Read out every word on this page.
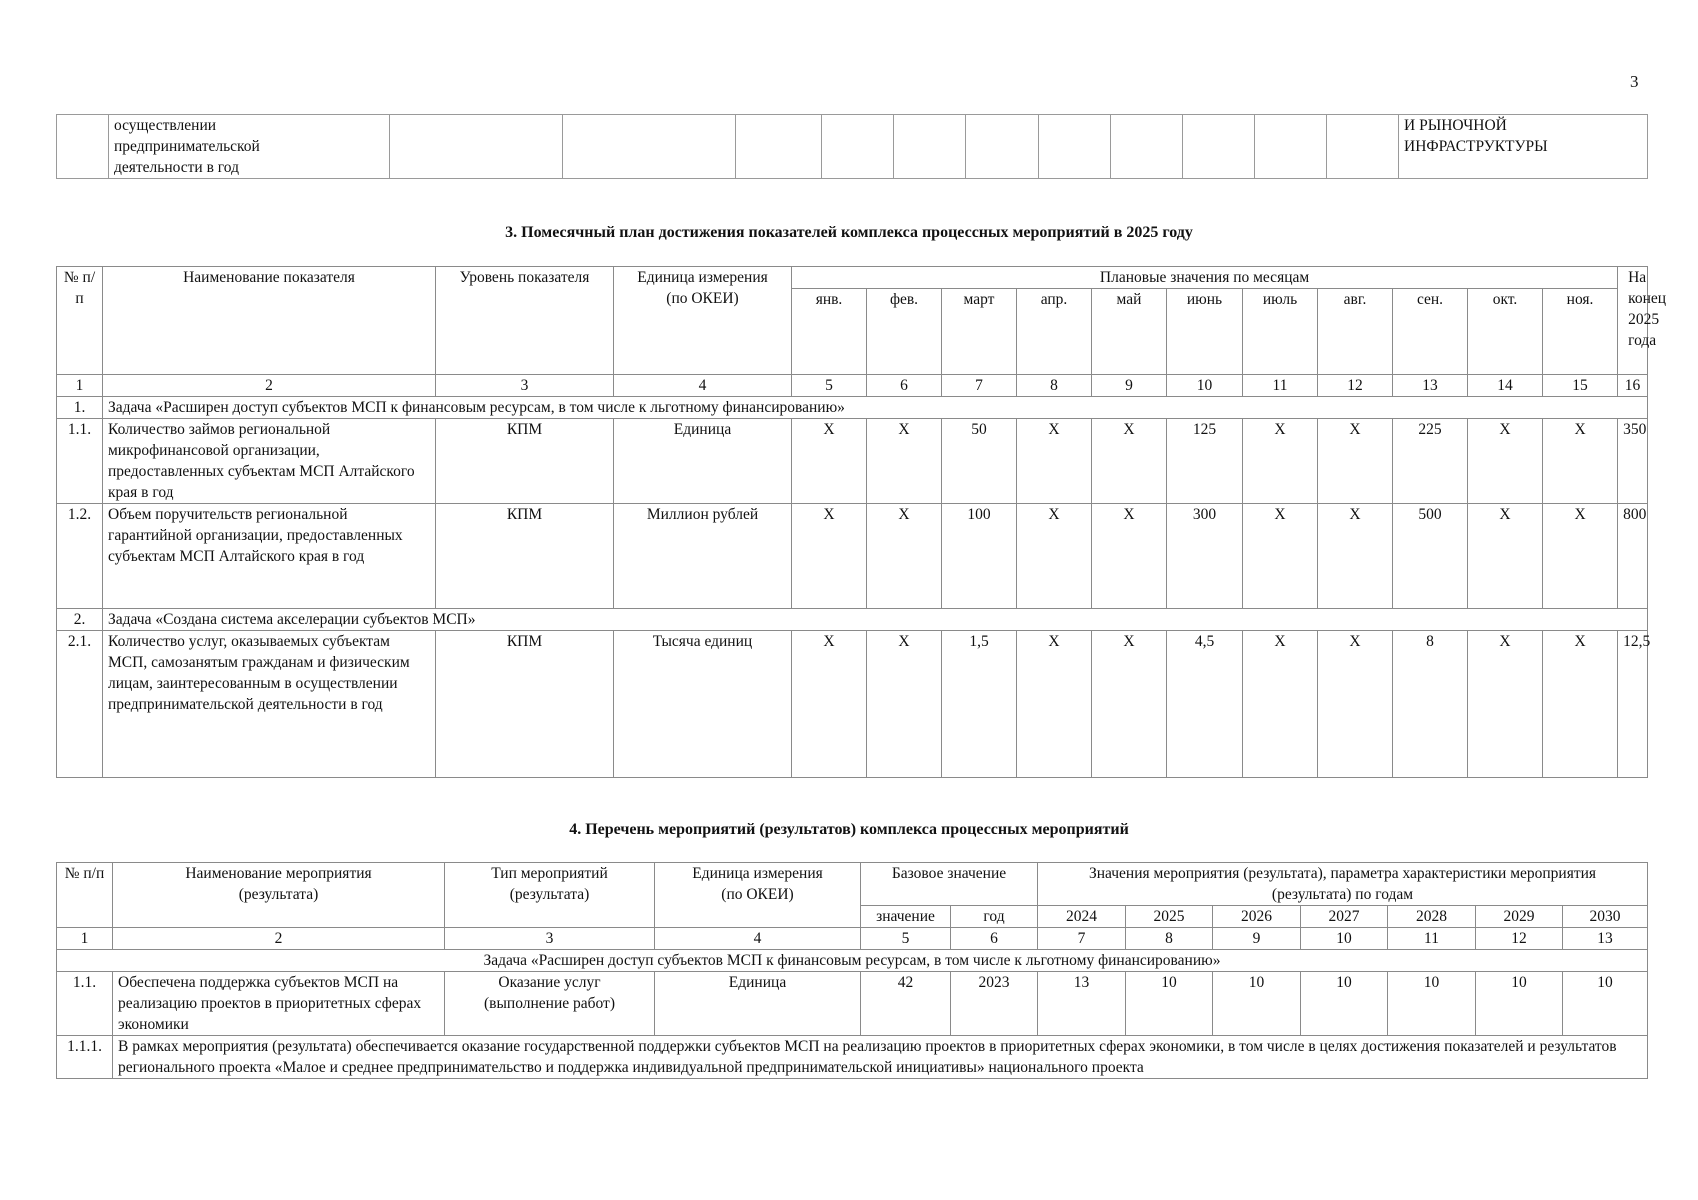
3
	осуществлении предпринимательской деятельности в год												И РЫНОЧНОЙ ИНФРАСТРУКТУРЫ
3. Помесячный план достижения показателей комплекса процессных мероприятий в 2025 году
№ п/п	Наименование показателя	Уровень показателя	Единица измерения (по ОКЕИ)	Плановые значения по месяцам											На конец 2025 года
				янв.	фев.	март	апр.	май	июнь	июль	авг.	сен.	окт.	ноя.	
1	2	3	4	5	6	7	8	9	10	11	12	13	14	15	16
1.	Задача «Расширен доступ субъектов МСП к финансовым ресурсам, в том числе к льготному финансированию»														
1.1.	Количество займов региональной микрофинансовой организации, предоставленных субъектам МСП Алтайского края в год	КПМ	Единица	X	X	50	X	X	125	X	X	225	X	X	350
1.2.	Объем поручительств региональной гарантийной организации, предоставленных субъектам МСП Алтайского края в год	КПМ	Миллион рублей	X	X	100	X	X	300	X	X	500	X	X	800
2.	Задача «Создана система акселерации субъектов МСП»														
2.1.	Количество услуг, оказываемых субъектам МСП, самозанятым гражданам и физическим лицам, заинтересованным в осуществлении предпринимательской деятельности в год	КПМ	Тысяча единиц	X	X	1,5	X	X	4,5	X	X	8	X	X	12,5
4. Перечень мероприятий (результатов) комплекса процессных мероприятий
№ п/п	Наименование мероприятия (результата)	Тип мероприятий (результата)	Единица измерения (по ОКЕИ)	Базовое значение		Значения мероприятия (результата), параметра характеристики мероприятия (результата) по годам						
				значение	год	2024	2025	2026	2027	2028	2029	2030
1	2	3	4	5	6	7	8	9	10	11	12	13
Задача «Расширен доступ субъектов МСП к финансовым ресурсам, в том числе к льготному финансированию»												
1.1.	Обеспечена поддержка субъектов МСП на реализацию проектов в приоритетных сферах экономики	Оказание услуг (выполнение работ)	Единица	42	2023	13	10	10	10	10	10	10
1.1.1.	В рамках мероприятия (результата) обеспечивается оказание государственной поддержки субъектов МСП на реализацию проектов в приоритетных сферах экономики, в том числе в целях достижения показателей и результатов регионального проекта «Малое и среднее предпринимательство и поддержка индивидуальной предпринимательской инициативы» национального проекта											
